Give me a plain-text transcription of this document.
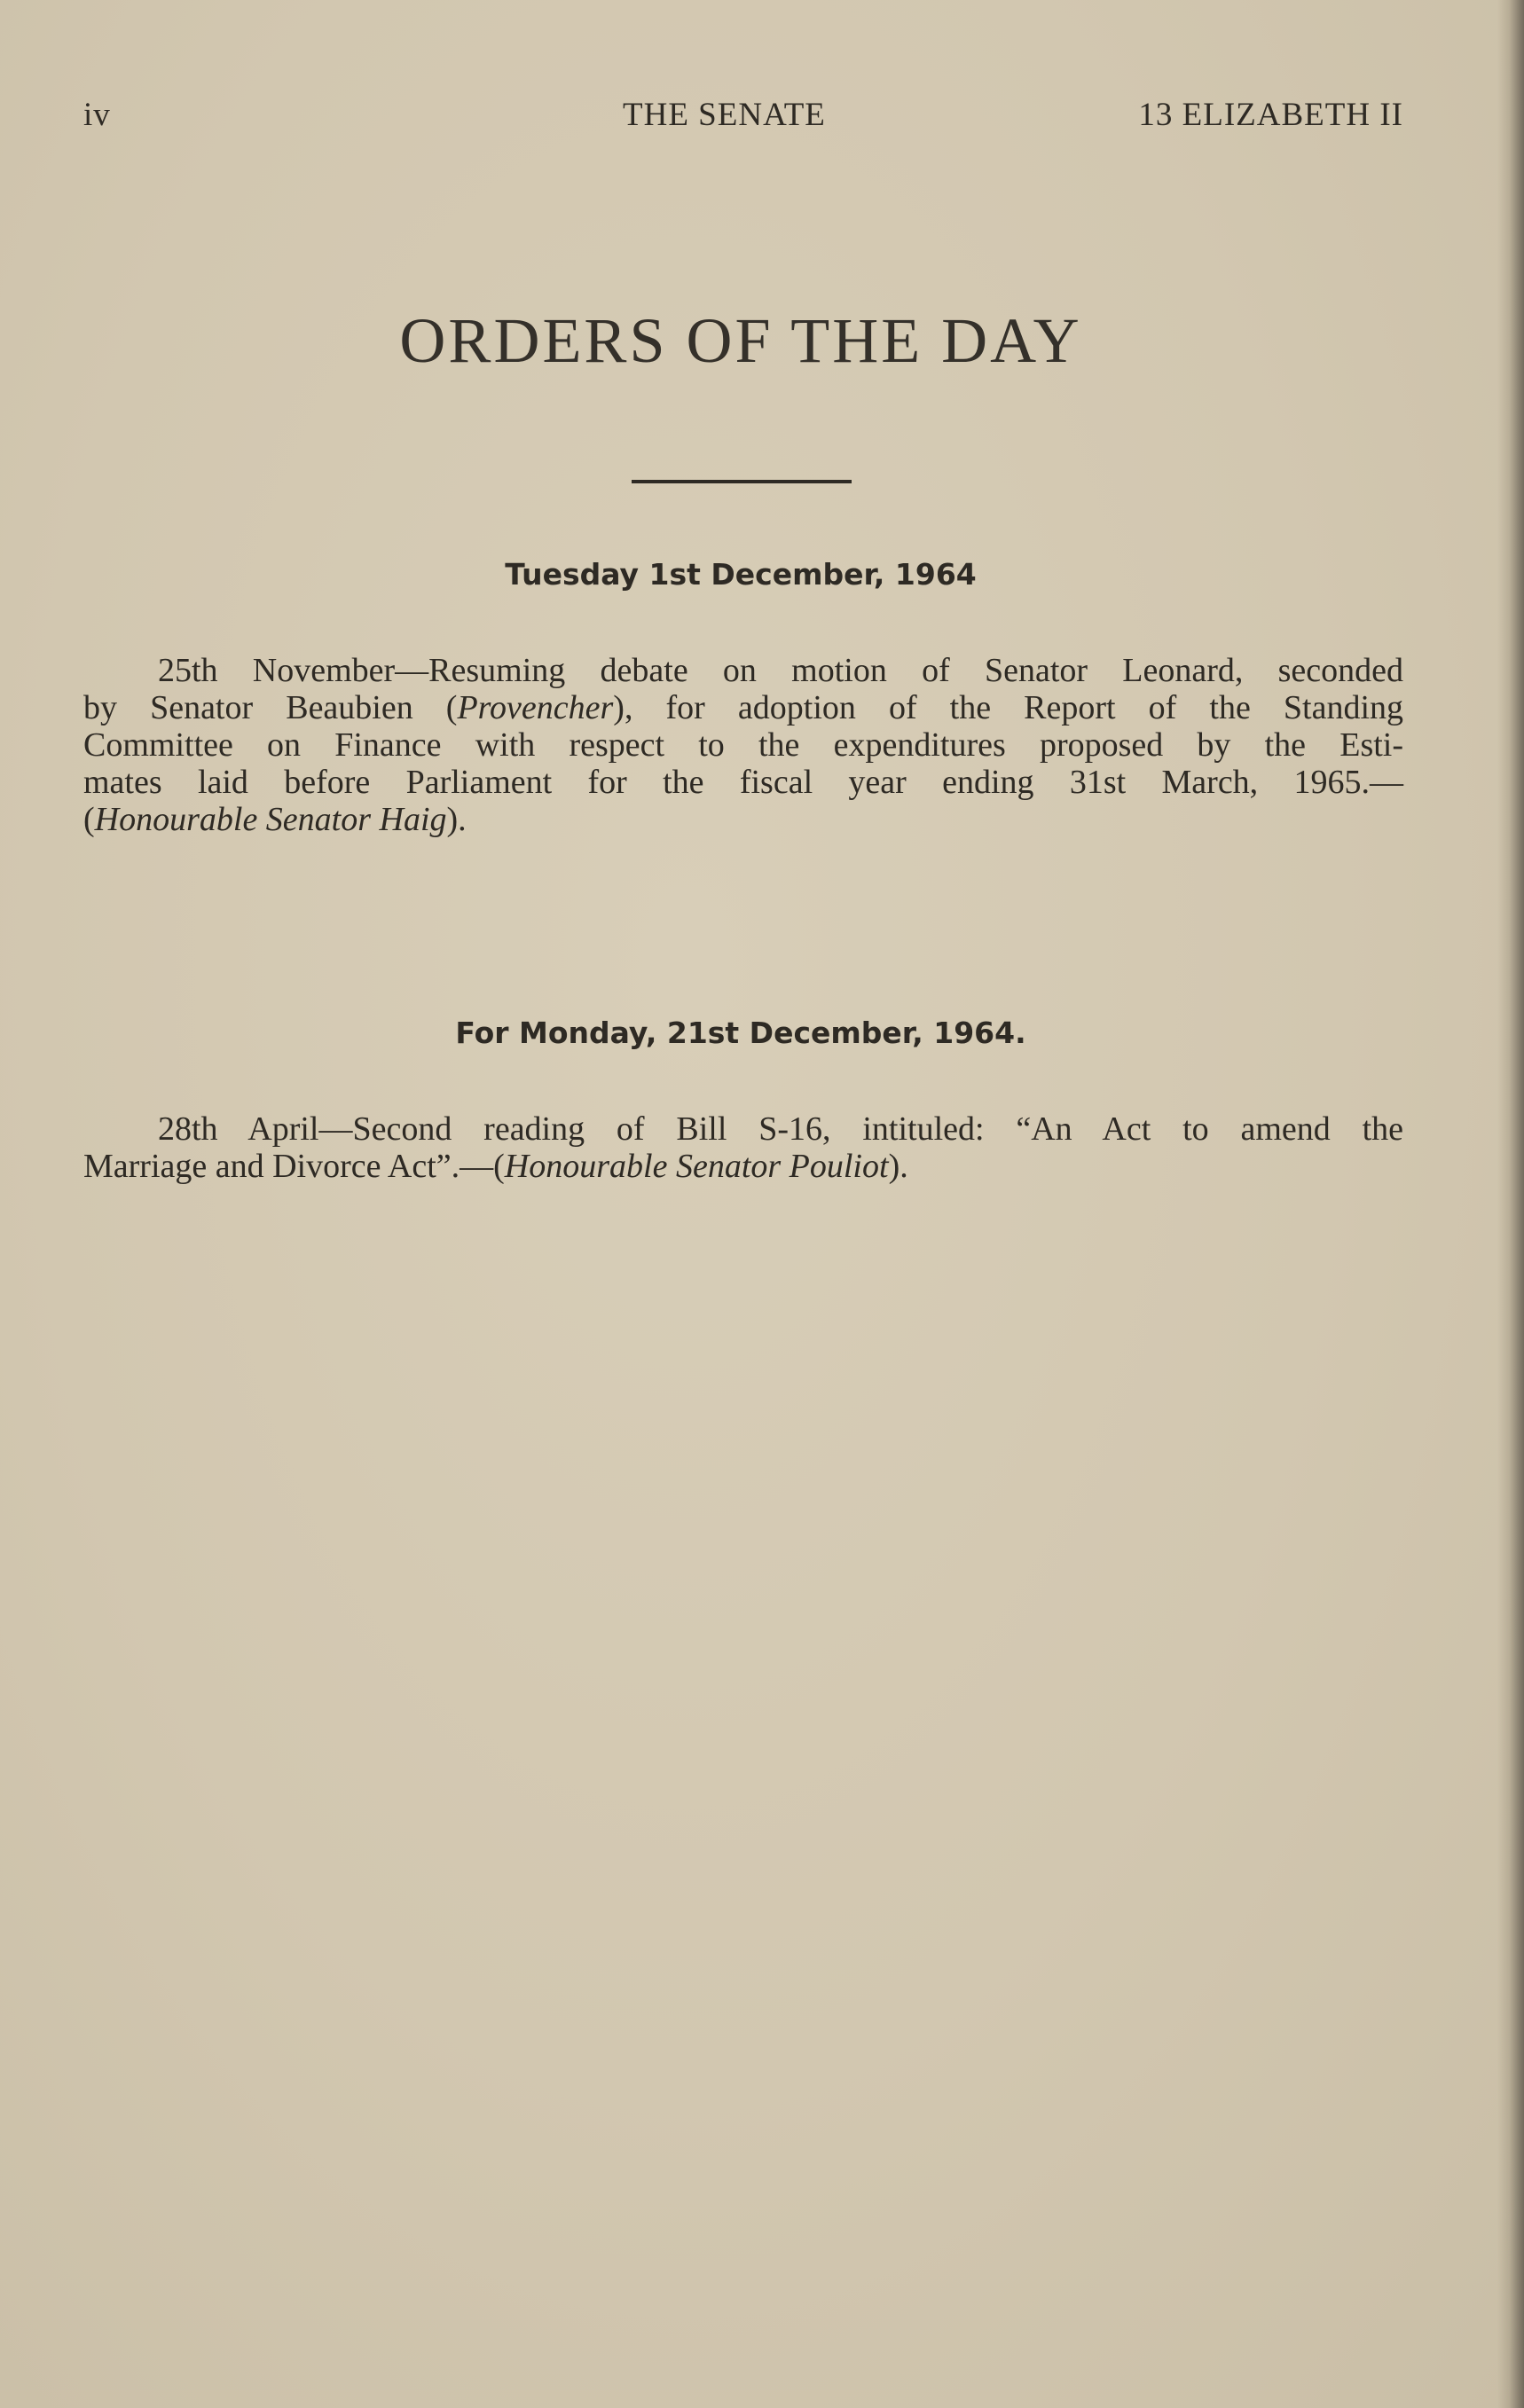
iv	THE SENATE	13 ELIZABETH II
ORDERS OF THE DAY
Tuesday 1st December, 1964
25th November—Resuming debate on motion of Senator Leonard, seconded
by Senator Beaubien (Provencher), for adoption of the Report of the Standing
Committee on Finance with respect to the expenditures proposed by the Esti-
mates laid before Parliament for the fiscal year ending 31st March, 1965.—
(Honourable Senator Haig).
For Monday, 21st December, 1964.
28th April—Second reading of Bill S-16, intituled: “An Act to amend the
Marriage and Divorce Act”.—(Honourable Senator Pouliot).
